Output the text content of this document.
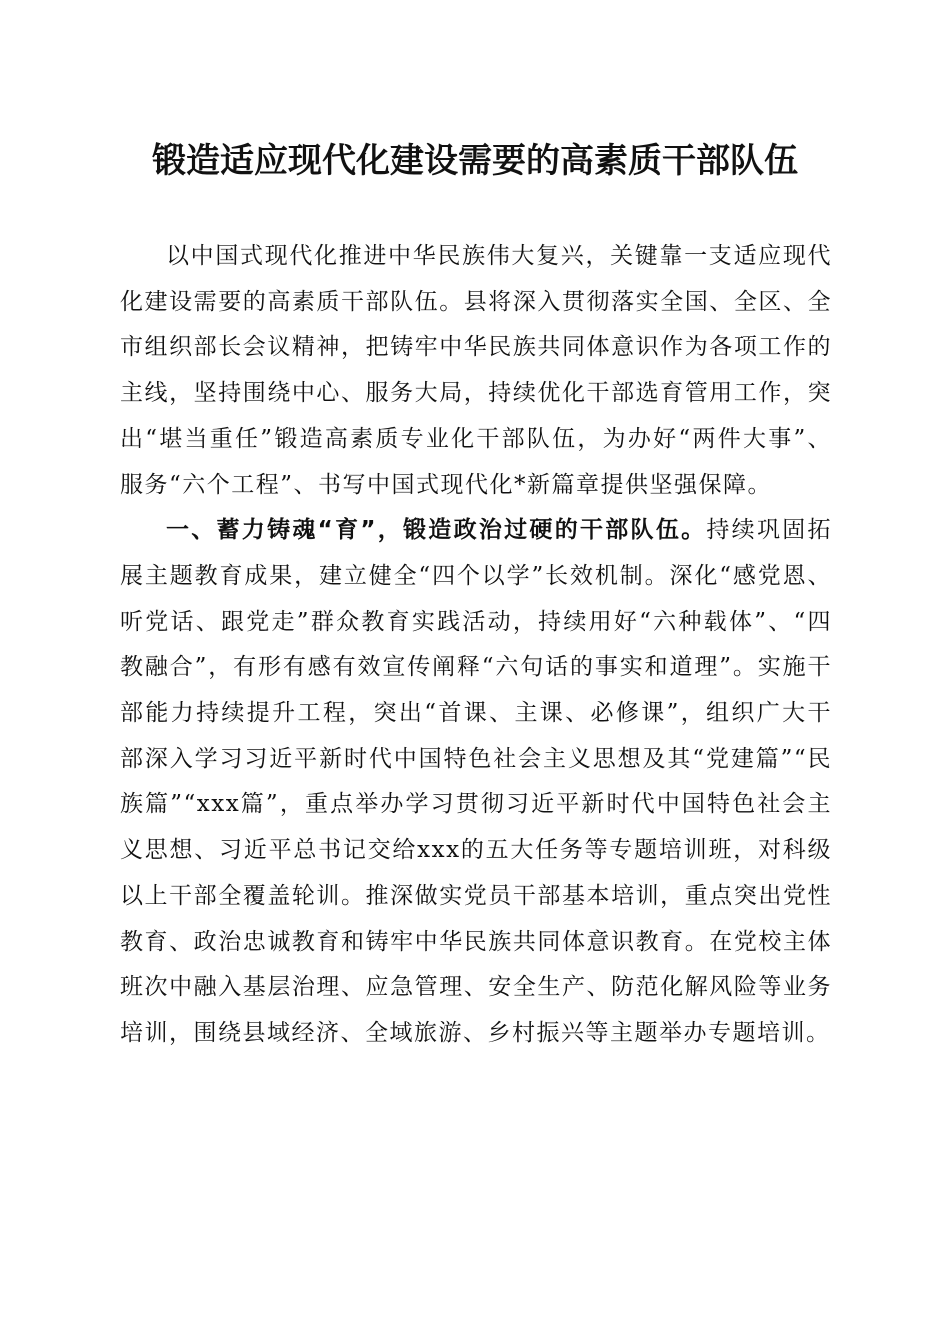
锻造适应现代化建设需要的高素质干部队伍

以中国式现代化推进中华民族伟大复兴，关键靠一支适应现代化建设需要的高素质干部队伍。县将深入贯彻落实全国、全区、全市组织部长会议精神，把铸牢中华民族共同体意识作为各项工作的主线，坚持围绕中心、服务大局，持续优化干部选育管用工作，突出“堪当重任”锻造高素质专业化干部队伍，为办好“两件大事”、服务“六个工程”、书写中国式现代化*新篇章提供坚强保障。

一、蓄力铸魂“育”，锻造政治过硬的干部队伍。持续巩固拓展主题教育成果，建立健全“四个以学”长效机制。深化“感党恩、听党话、跟党走”群众教育实践活动，持续用好“六种载体”、“四教融合”，有形有感有效宣传阐释“六句话的事实和道理”。实施干部能力持续提升工程，突出“首课、主课、必修课”，组织广大干部深入学习习近平新时代中国特色社会主义思想及其“党建篇”“民族篇”“xxx篇”，重点举办学习贯彻习近平新时代中国特色社会主义思想、习近平总书记交给xxx的五大任务等专题培训班，对科级以上干部全覆盖轮训。推深做实党员干部基本培训，重点突出党性教育、政治忠诚教育和铸牢中华民族共同体意识教育。在党校主体班次中融入基层治理、应急管理、安全生产、防范化解风险等业务培训，围绕县域经济、全域旅游、乡村振兴等主题举办专题培训。
